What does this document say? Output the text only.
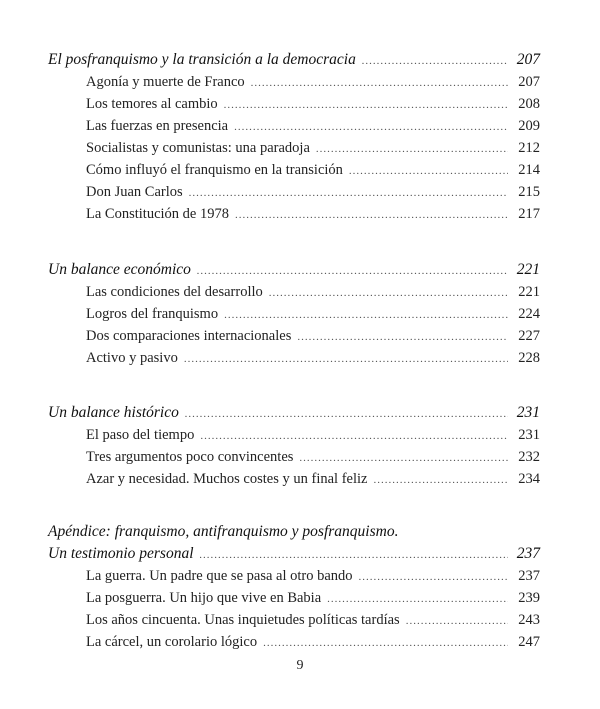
El posfranquismo y la transición a la democracia .....	207
Agonía y muerte de Franco .....	207
Los temores al cambio .....	208
Las fuerzas en presencia .....	209
Socialistas y comunistas: una paradoja .....	212
Cómo influyó el franquismo en la transición .....	214
Don Juan Carlos .....	215
La Constitución de 1978 .....	217
Un balance económico .....	221
Las condiciones del desarrollo .....	221
Logros del franquismo .....	224
Dos comparaciones internacionales .....	227
Activo y pasivo .....	228
Un balance histórico .....	231
El paso del tiempo .....	231
Tres argumentos poco convincentes .....	232
Azar y necesidad. Muchos costes y un final feliz .....	234
Apéndice: franquismo, antifranquismo y posfranquismo.
Un testimonio personal .....	237
La guerra. Un padre que se pasa al otro bando .....	237
La posguerra. Un hijo que vive en Babia .....	239
Los años cincuenta. Unas inquietudes políticas tardías .....	243
La cárcel, un corolario lógico .....	247
9
